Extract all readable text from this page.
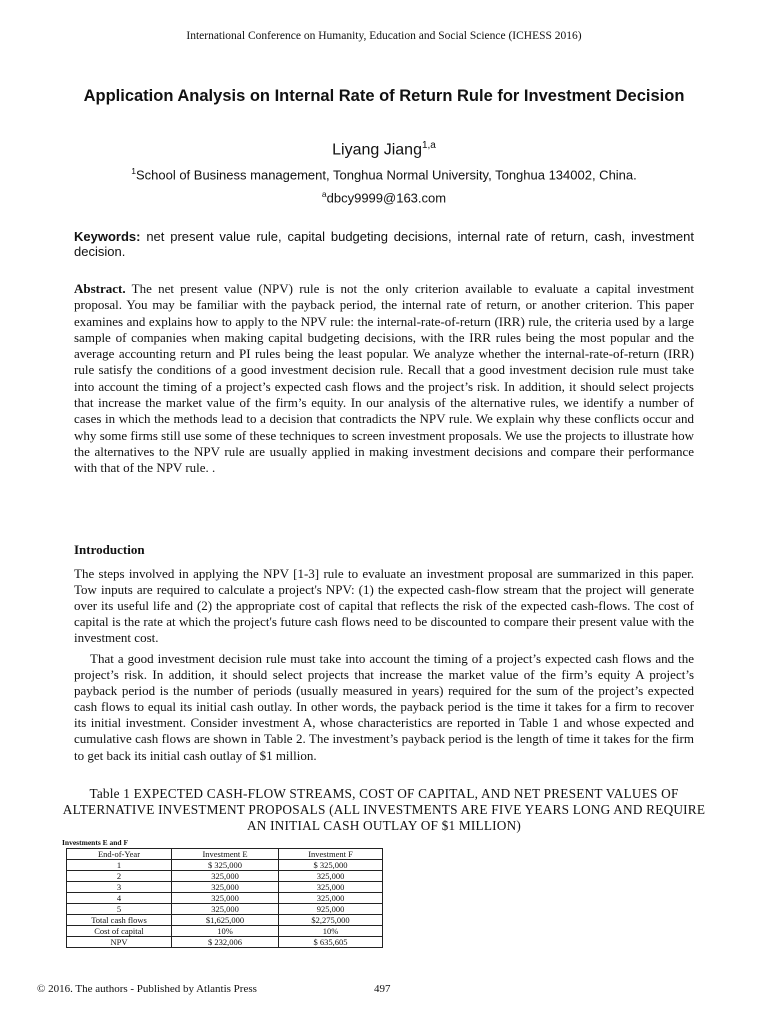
International Conference on Humanity, Education and Social Science (ICHESS 2016)
Application Analysis on Internal Rate of Return Rule for Investment Decision
Liyang Jiang$^{1,a}$
$^1$School of Business management, Tonghua Normal University, Tonghua 134002, China.
$^a$dbcy9999@163.com
Keywords: net present value rule, capital budgeting decisions, internal rate of return, cash, investment decision.
Abstract. The net present value (NPV) rule is not the only criterion available to evaluate a capital investment proposal. You may be familiar with the payback period, the internal rate of return, or another criterion. This paper examines and explains how to apply to the NPV rule: the internal-rate-of-return (IRR) rule, the criteria used by a large sample of companies when making capital budgeting decisions, with the IRR rules being the most popular and the average accounting return and PI rules being the least popular. We analyze whether the internal-rate-of-return (IRR) rule satisfy the conditions of a good investment decision rule. Recall that a good investment decision rule must take into account the timing of a project’s expected cash flows and the project’s risk. In addition, it should select projects that increase the market value of the firm’s equity. In our analysis of the alternative rules, we identify a number of cases in which the methods lead to a decision that contradicts the NPV rule. We explain why these conflicts occur and why some firms still use some of these techniques to screen investment proposals. We use the projects to illustrate how the alternatives to the NPV rule are usually applied in making investment decisions and compare their performance with that of the NPV rule. .
Introduction

The steps involved in applying the NPV [1-3] rule to evaluate an investment proposal are summarized in this paper. Tow inputs are required to calculate a project's NPV: (1) the expected cash-flow stream that the project will generate over its useful life and (2) the appropriate cost of capital that reflects the risk of the expected cash-flows. The cost of capital is the rate at which the project's future cash flows need to be discounted to compare their present value with the investment cost.

That a good investment decision rule must take into account the timing of a project’s expected cash flows and the project’s risk. In addition, it should select projects that increase the market value of the firm’s equity A project’s payback period is the number of periods (usually measured in years) required for the sum of the project’s expected cash flows to equal its initial cash outlay. In other words, the payback period is the time it takes for a firm to recover its initial investment. Consider investment A, whose characteristics are reported in Table 1 and whose expected and cumulative cash flows are shown in Table 2. The investment’s payback period is the length of time it takes for the firm to get back its initial cash outlay of $1 million.

Table 1 EXPECTED CASH-FLOW STREAMS, COST OF CAPITAL, AND NET PRESENT VALUES OF ALTERNATIVE INVESTMENT PROPOSALS (ALL INVESTMENTS ARE FIVE YEARS LONG AND REQUIRE AN INITIAL CASH OUTLAY OF $1 MILLION)
Investments E and F
End-of-Year	Investment E	Investment F
1	$ 325,000	$ 325,000
2	325,000	325,000
3	325,000	325,000
4	325,000	325,000
5	325,000	925,000
Total cash flows	$1,625,000	$2,275,000
Cost of capital	10%	10%
NPV	$ 232,006	$ 635,605
© 2016. The authors - Published by Atlantis Press	497
